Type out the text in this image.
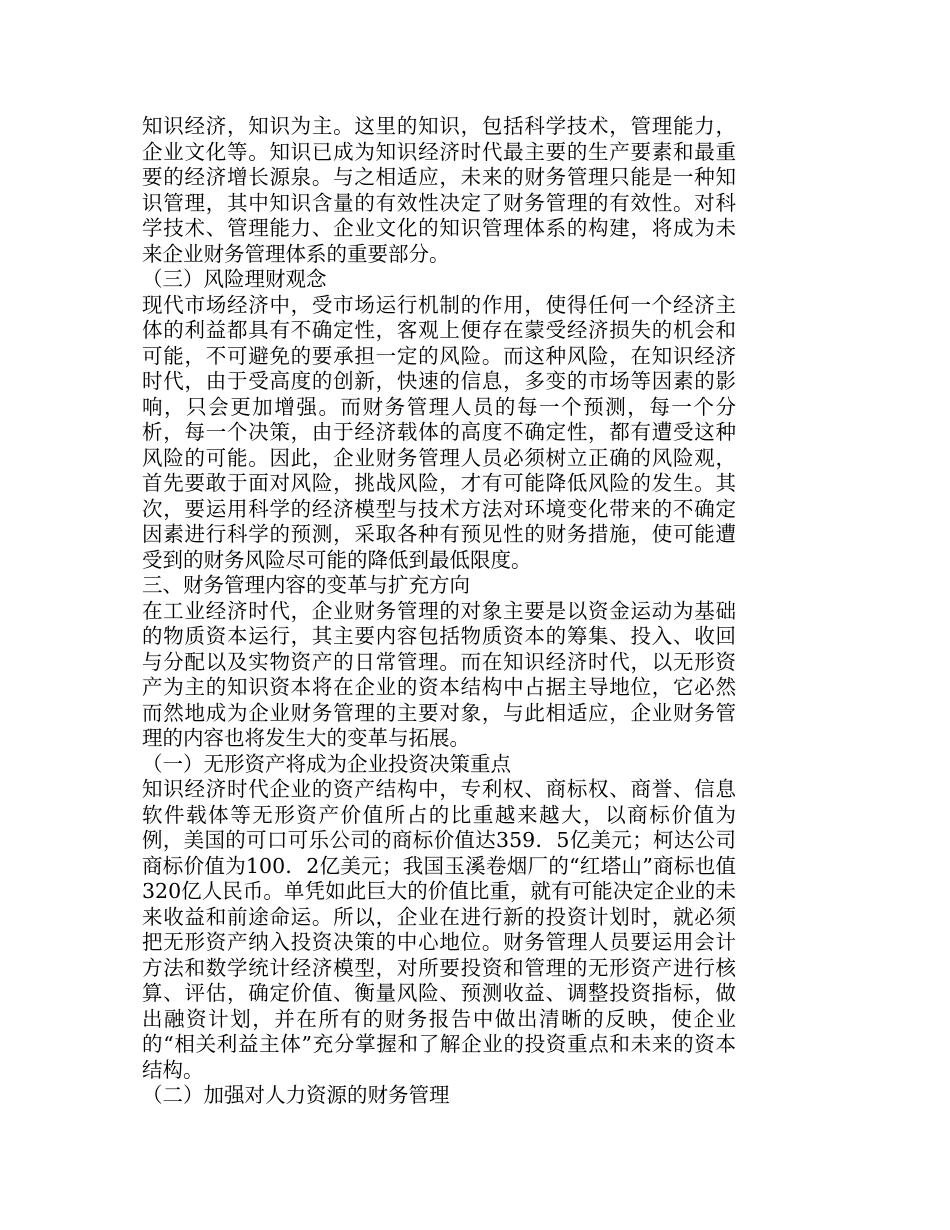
知识经济，知识为主。这里的知识，包括科学技术，管理能力，企业文化等。知识已成为知识经济时代最主要的生产要素和最重要的经济增长源泉。与之相适应，未来的财务管理只能是一种知识管理，其中知识含量的有效性决定了财务管理的有效性。对科学技术、管理能力、企业文化的知识管理体系的构建，将成为未来企业财务管理体系的重要部分。

（三）风险理财观念

现代市场经济中，受市场运行机制的作用，使得任何一个经济主体的利益都具有不确定性，客观上便存在蒙受经济损失的机会和可能，不可避免的要承担一定的风险。而这种风险，在知识经济时代，由于受高度的创新，快速的信息，多变的市场等因素的影响，只会更加增强。而财务管理人员的每一个预测，每一个分析，每一个决策，由于经济载体的高度不确定性，都有遭受这种风险的可能。因此，企业财务管理人员必须树立正确的风险观，首先要敢于面对风险，挑战风险，才有可能降低风险的发生。其次，要运用科学的经济模型与技术方法对环境变化带来的不确定因素进行科学的预测，采取各种有预见性的财务措施，使可能遭受到的财务风险尽可能的降低到最低限度。

三、财务管理内容的变革与扩充方向

在工业经济时代，企业财务管理的对象主要是以资金运动为基础的物质资本运行，其主要内容包括物质资本的筹集、投入、收回与分配以及实物资产的日常管理。而在知识经济时代，以无形资产为主的知识资本将在企业的资本结构中占据主导地位，它必然而然地成为企业财务管理的主要对象，与此相适应，企业财务管理的内容也将发生大的变革与拓展。

（一）无形资产将成为企业投资决策重点

知识经济时代企业的资产结构中，专利权、商标权、商誉、信息软件载体等无形资产价值所占的比重越来越大，以商标价值为例，美国的可口可乐公司的商标价值达359．5亿美元；柯达公司商标价值为100．2亿美元；我国玉溪卷烟厂的“红塔山”商标也值320亿人民币。单凭如此巨大的价值比重，就有可能决定企业的未来收益和前途命运。所以，企业在进行新的投资计划时，就必须把无形资产纳入投资决策的中心地位。财务管理人员要运用会计方法和数学统计经济模型，对所要投资和管理的无形资产进行核算、评估，确定价值、衡量风险、预测收益、调整投资指标，做出融资计划，并在所有的财务报告中做出清晰的反映，使企业的“相关利益主体”充分掌握和了解企业的投资重点和未来的资本结构。

（二）加强对人力资源的财务管理
